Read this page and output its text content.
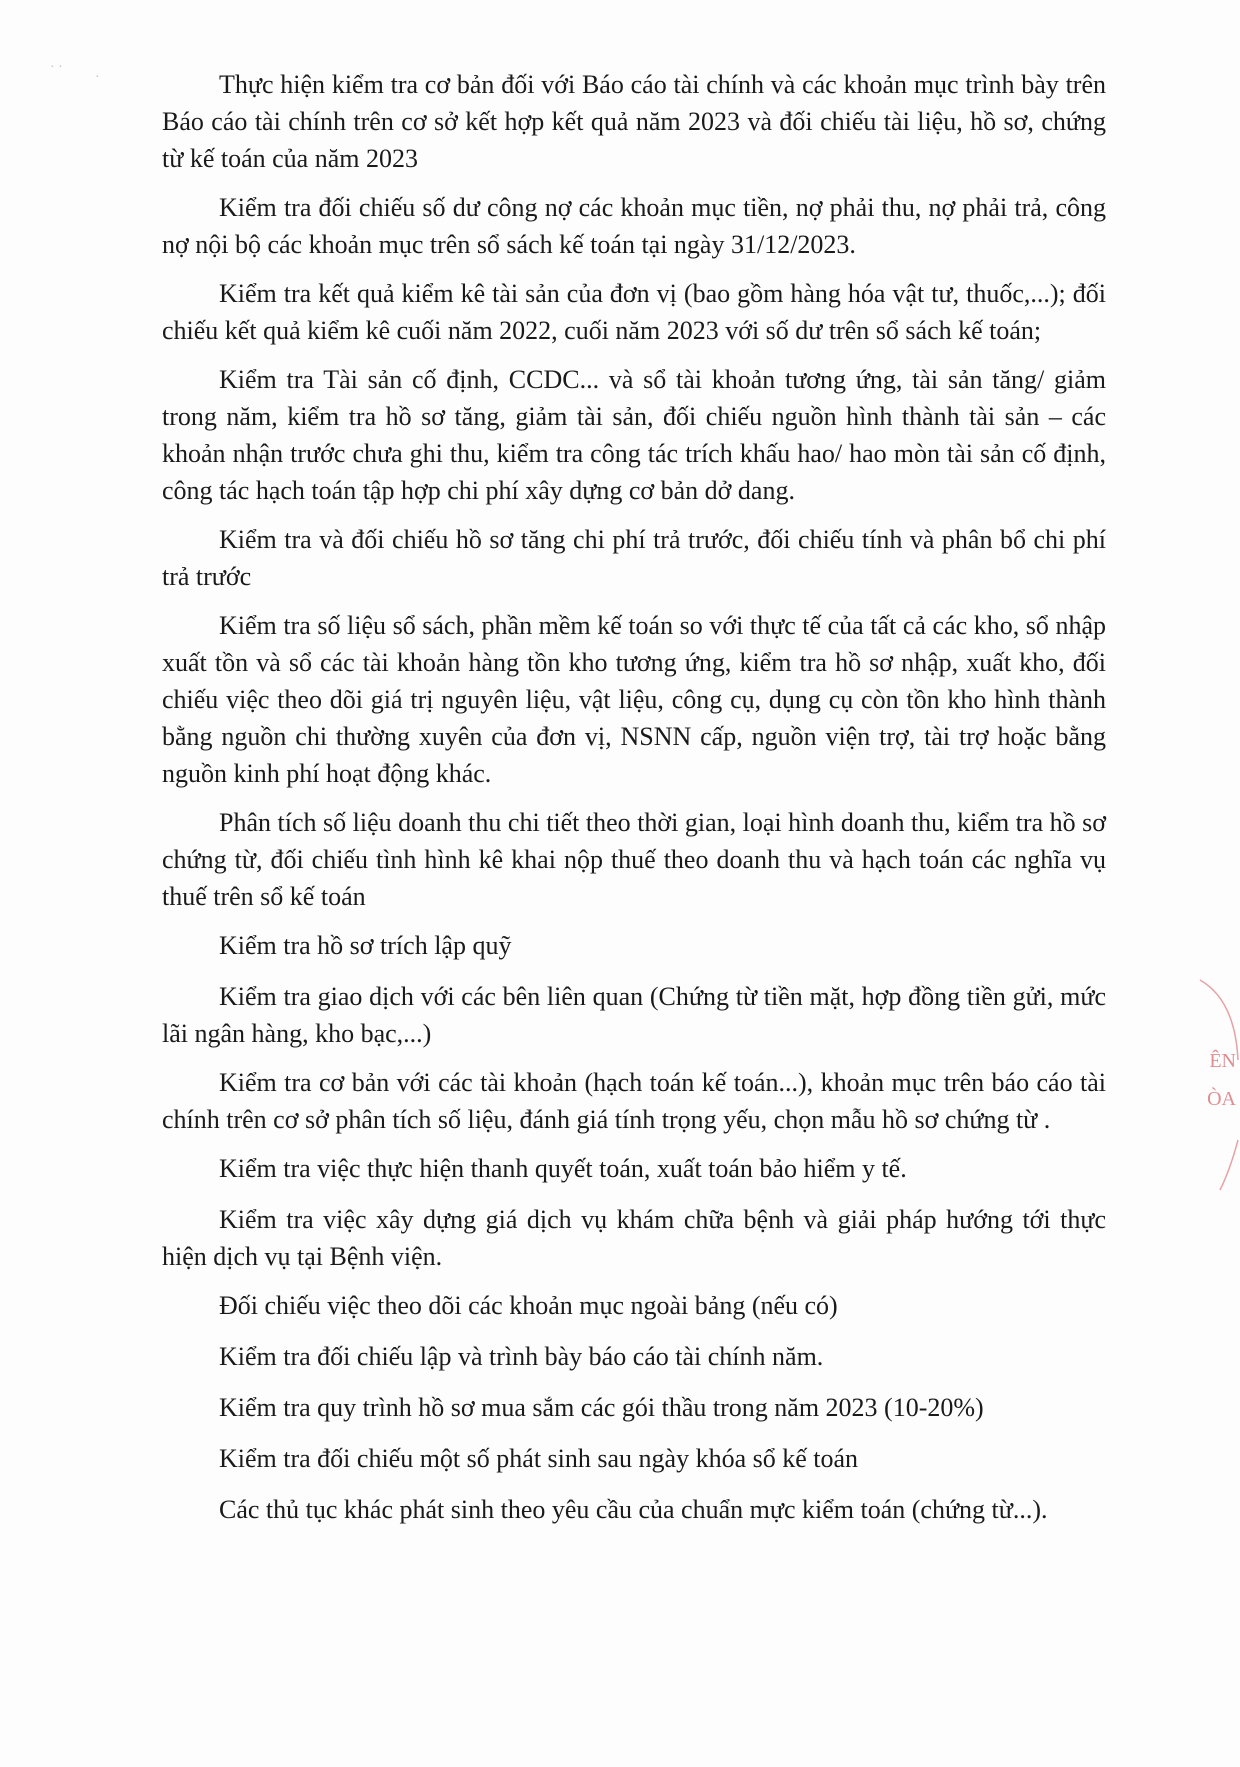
· ·
·	Thực hiện kiểm tra cơ bản đối với Báo cáo tài chính và các khoản mục trình bày trên Báo cáo tài chính trên cơ sở kết hợp kết quả năm 2023 và đối chiếu tài liệu, hồ sơ, chứng từ kế toán của năm 2023

Kiểm tra đối chiếu số dư công nợ các khoản mục tiền, nợ phải thu, nợ phải trả, công nợ nội bộ các khoản mục trên sổ sách kế toán tại ngày 31/12/2023.

Kiểm tra kết quả kiểm kê tài sản của đơn vị (bao gồm hàng hóa vật tư, thuốc,...); đối chiếu kết quả kiểm kê cuối năm 2022, cuối năm 2023 với số dư trên sổ sách kế toán;

Kiểm tra Tài sản cố định, CCDC... và sổ tài khoản tương ứng, tài sản tăng/ giảm trong năm, kiểm tra hồ sơ tăng, giảm tài sản, đối chiếu nguồn hình thành tài sản – các khoản nhận trước chưa ghi thu, kiểm tra công tác trích khấu hao/ hao mòn tài sản cố định, công tác hạch toán tập hợp chi phí xây dựng cơ bản dở dang.

Kiểm tra và đối chiếu hồ sơ tăng chi phí trả trước, đối chiếu tính và phân bổ chi phí trả trước

Kiểm tra số liệu sổ sách, phần mềm kế toán so với thực tế của tất cả các kho, sổ nhập xuất tồn và sổ các tài khoản hàng tồn kho tương ứng, kiểm tra hồ sơ nhập, xuất kho, đối chiếu việc theo dõi giá trị nguyên liệu, vật liệu, công cụ, dụng cụ còn tồn kho hình thành bằng nguồn chi thường xuyên của đơn vị, NSNN cấp, nguồn viện trợ, tài trợ hoặc bằng nguồn kinh phí hoạt động khác.

Phân tích số liệu doanh thu chi tiết theo thời gian, loại hình doanh thu, kiểm tra hồ sơ chứng từ, đối chiếu tình hình kê khai nộp thuế theo doanh thu và hạch toán các nghĩa vụ thuế trên sổ kế toán

Kiểm tra hồ sơ trích lập quỹ

Kiểm tra giao dịch với các bên liên quan (Chứng từ tiền mặt, hợp đồng tiền gửi, mức lãi ngân hàng, kho bạc,...)

Kiểm tra cơ bản với các tài khoản (hạch toán kế toán...), khoản mục trên báo cáo tài chính trên cơ sở phân tích số liệu, đánh giá tính trọng yếu, chọn mẫu hồ sơ chứng từ .

Kiểm tra việc thực hiện thanh quyết toán, xuất toán bảo hiểm y tế.

Kiểm tra việc xây dựng giá dịch vụ khám chữa bệnh và giải pháp hướng tới thực hiện dịch vụ tại Bệnh viện.

Đối chiếu việc theo dõi các khoản mục ngoài bảng (nếu có)

Kiểm tra đối chiếu lập và trình bày báo cáo tài chính năm.

Kiểm tra quy trình hồ sơ mua sắm các gói thầu trong năm 2023 (10-20%)

Kiểm tra đối chiếu một số phát sinh sau ngày khóa sổ kế toán

Các thủ tục khác phát sinh theo yêu cầu của chuẩn mực kiểm toán (chứng từ...).

ÊN
ÒA
